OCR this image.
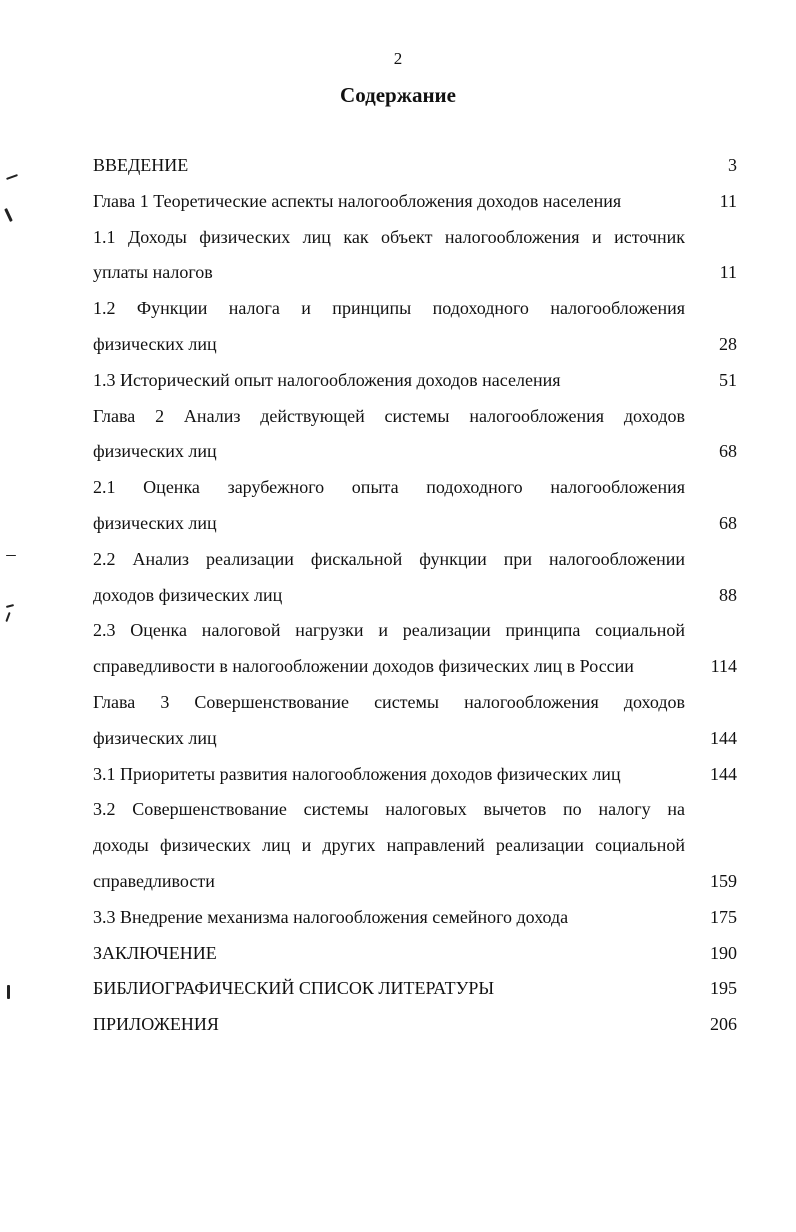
2
Содержание
ВВЕДЕНИЕ	3
Глава 1 Теоретические аспекты налогообложения доходов населения	11
1.1 Доходы физических лиц как объект налогообложения и источник
уплаты налогов	11
1.2 Функции налога и принципы подоходного налогообложения
физических лиц	28
1.3 Исторический опыт налогообложения доходов населения	51
Глава 2 Анализ действующей системы налогообложения доходов
физических лиц	68
2.1 Оценка зарубежного опыта подоходного налогообложения
физических лиц	68
2.2 Анализ реализации фискальной функции при налогообложении
доходов физических лиц	88
2.3 Оценка налоговой нагрузки и реализации принципа социальной
справедливости в налогообложении доходов физических лиц в России	114
Глава 3 Совершенствование системы налогообложения доходов
физических лиц	144
3.1 Приоритеты развития налогообложения доходов физических лиц	144
3.2 Совершенствование системы налоговых вычетов по налогу на
доходы физических лиц и других направлений реализации социальной
справедливости	159
3.3 Внедрение механизма налогообложения семейного дохода	175
ЗАКЛЮЧЕНИЕ	190
БИБЛИОГРАФИЧЕСКИЙ СПИСОК ЛИТЕРАТУРЫ	195
ПРИЛОЖЕНИЯ	206
